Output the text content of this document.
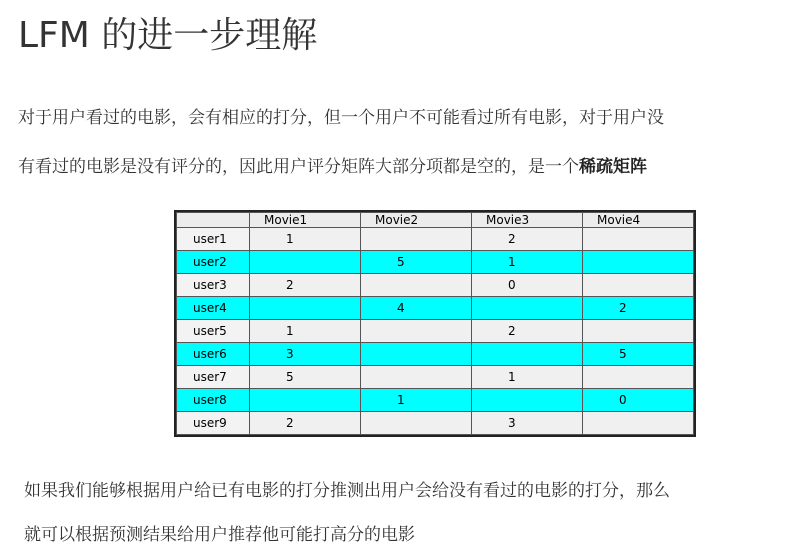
LFM 的进一步理解
对于用户看过的电影，会有相应的打分，但一个用户不可能看过所有电影，对于用户没
有看过的电影是没有评分的，因此用户评分矩阵大部分项都是空的，是一个稀疏矩阵
	Movie1	Movie2	Movie3	Movie4
user1	1		2	
user2		5	1	
user3	2		0	
user4		4		2
user5	1		2	
user6	3			5
user7	5		1	
user8		1		0
user9	2		3	
如果我们能够根据用户给已有电影的打分推测出用户会给没有看过的电影的打分，那么
就可以根据预测结果给用户推荐他可能打高分的电影
